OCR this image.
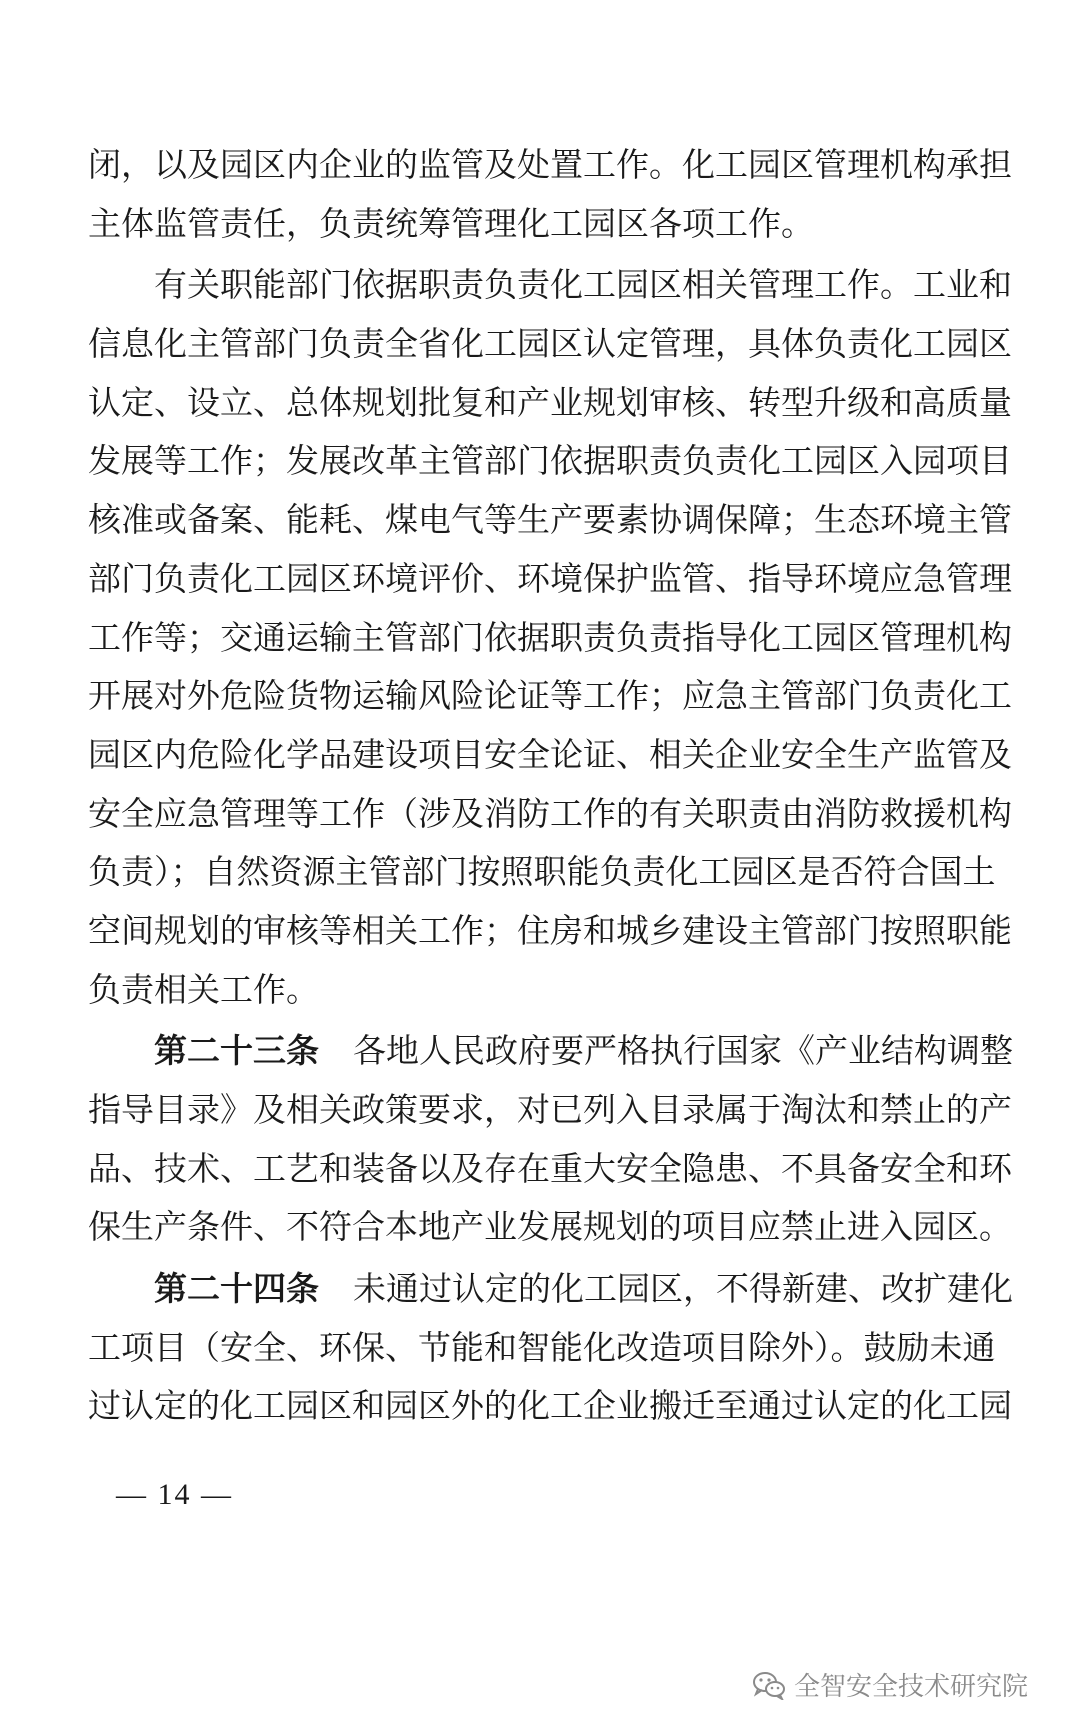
闭，以及园区内企业的监管及处置工作。化工园区管理机构承担
主体监管责任，负责统筹管理化工园区各项工作。
有关职能部门依据职责负责化工园区相关管理工作。工业和
信息化主管部门负责全省化工园区认定管理，具体负责化工园区
认定、设立、总体规划批复和产业规划审核、转型升级和高质量
发展等工作；发展改革主管部门依据职责负责化工园区入园项目
核准或备案、能耗、煤电气等生产要素协调保障；生态环境主管
部门负责化工园区环境评价、环境保护监管、指导环境应急管理
工作等；交通运输主管部门依据职责负责指导化工园区管理机构
开展对外危险货物运输风险论证等工作；应急主管部门负责化工
园区内危险化学品建设项目安全论证、相关企业安全生产监管及
安全应急管理等工作（涉及消防工作的有关职责由消防救援机构
负责）；自然资源主管部门按照职能负责化工园区是否符合国土
空间规划的审核等相关工作；住房和城乡建设主管部门按照职能
负责相关工作。
第二十三条 各地人民政府要严格执行国家《产业结构调整
指导目录》及相关政策要求，对已列入目录属于淘汰和禁止的产
品、技术、工艺和装备以及存在重大安全隐患、不具备安全和环
保生产条件、不符合本地产业发展规划的项目应禁止进入园区。
第二十四条 未通过认定的化工园区，不得新建、改扩建化
工项目（安全、环保、节能和智能化改造项目除外）。鼓励未通
过认定的化工园区和园区外的化工企业搬迁至通过认定的化工园
— 14 —
全智安全技术研究院
